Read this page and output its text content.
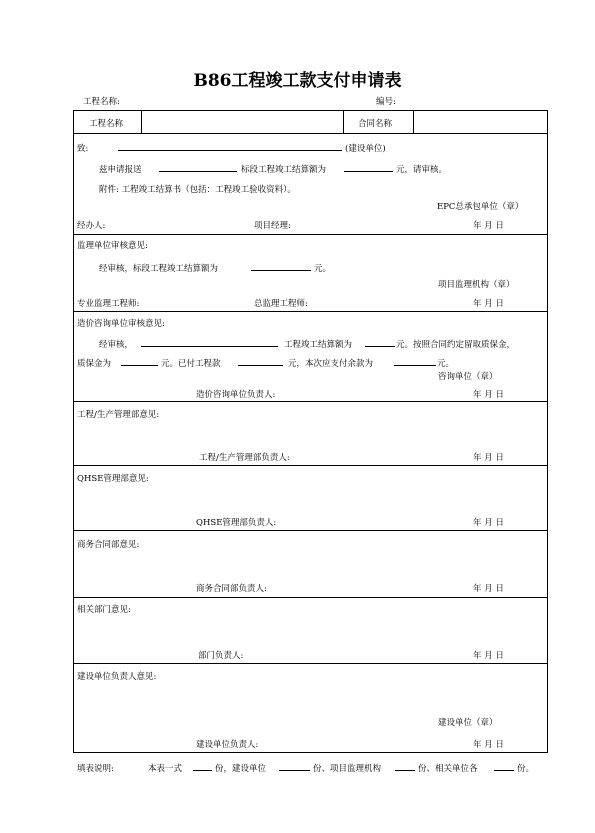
B86工程竣工款支付申请表
工程名称:	编号:
工程名称	合同名称
致:	(建设单位)
兹申请报送	标段工程竣工结算额为	元，请审核。
附件: 工程竣工结算书（包括：工程竣工验收资料）。
EPC总承包单位（章）
经办人:	项目经理:	年 月 日
监理单位审核意见:
经审核，标段工程竣工结算额为	元。
项目监理机构（章）
专业监理工程师:	总监理工程师:	年 月 日
造价咨询单位审核意见:
经审核，	工程竣工结算额为	元。按照合同约定留取质保金，
质保金为	元。已付工程款	元，本次应支付余款为	元。
咨询单位（章）
造价咨询单位负责人:	年 月 日
工程/生产管理部意见:
工程/生产管理部负责人:	年 月 日
QHSE管理部意见:
QHSE管理部负责人:	年 月 日
商务合同部意见:
商务合同部负责人:	年 月 日
相关部门意见:
部门负责人:	年 月 日
建设单位负责人意见:
建设单位（章）
建设单位负责人:	年 月 日
填表说明:	本表一式	份，建设单位	份、项目监理机构	份、相关单位各	份。
